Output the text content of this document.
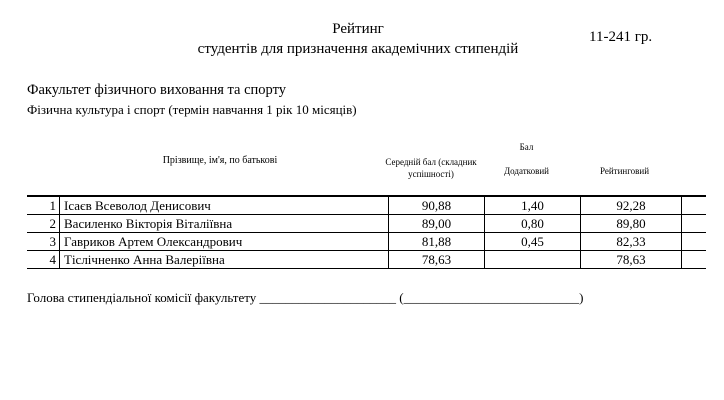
Рейтинг
студентів для призначення академічних стипендій
11-241 гр.
Факультет фізичного виховання та спорту
Фізична культура і спорт (термін навчання 1 рік 10 місяців)
Прізвище, ім'я, по батькові
Бал
Середній бал (складник успішності)	Додатковий	Рейтинговий
1	Ісаєв Всеволод Денисович	90,88	1,40	92,28	
2	Василенко Вікторія Віталіївна	89,00	0,80	89,80	
3	Гавриков Артем Олександрович	81,88	0,45	82,33	
4	Тіслічненко Анна Валеріївна	78,63		78,63	
Голова стипендіальної комісії факультету _____________________ (___________________________)
